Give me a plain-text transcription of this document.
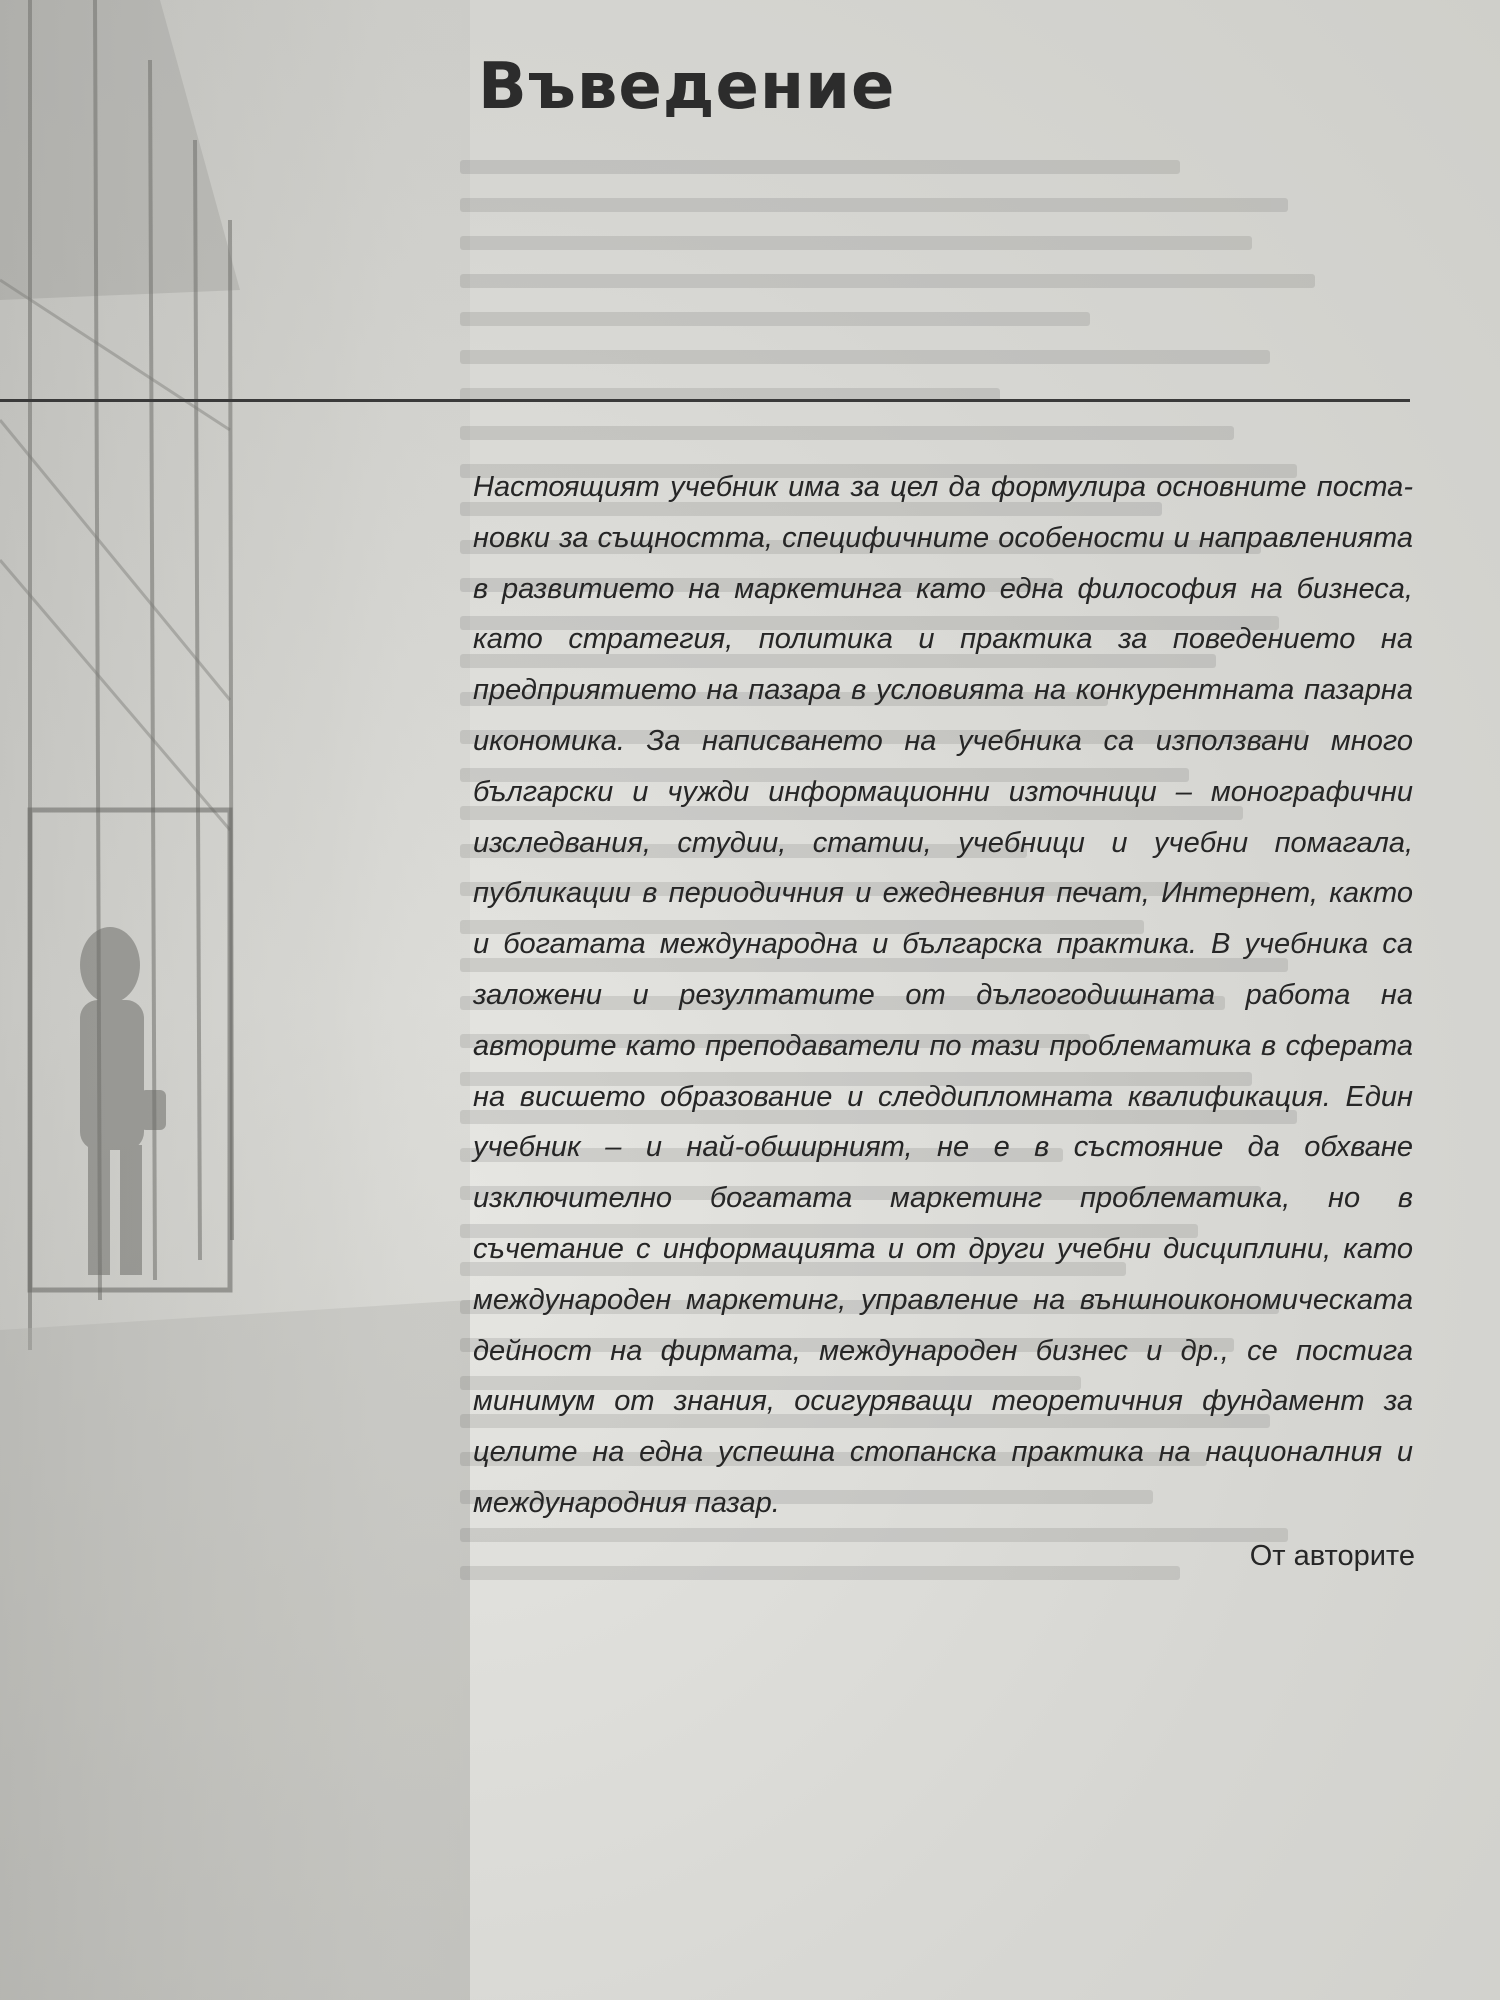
Въведение

Настоящият учебник има за цел да формулира основните постановки за същността, специфичните особености и направленията в развитието на маркетинга като една философия на бизнеса, като стратегия, политика и практика за поведението на предприятието на пазара в условията на конкурентната пазарна икономика. За написването на учебника са използвани много български и чужди информационни източници – монографични изследвания, студии, статии, учебници и учебни помагала, публикации в периодичния и ежедневния печат, Интернет, както и богатата международна и българска практика. В учебника са заложени и резултатите от дългогодишната работа на авторите като преподаватели по тази проблематика в сферата на висшето образование и следдипломната квалификация. Един учебник – и най-обширният, не е в състояние да обхване изключително богатата маркетинг проблематика, но в съчетание с информацията и от други учебни дисциплини, като международен маркетинг, управление на външноикономическата дейност на фирмата, международен бизнес и др., се постига минимум от знания, осигуряващи теоретичния фундамент за целите на една успешна стопанска практика на националния и международния пазар.

От авторите
